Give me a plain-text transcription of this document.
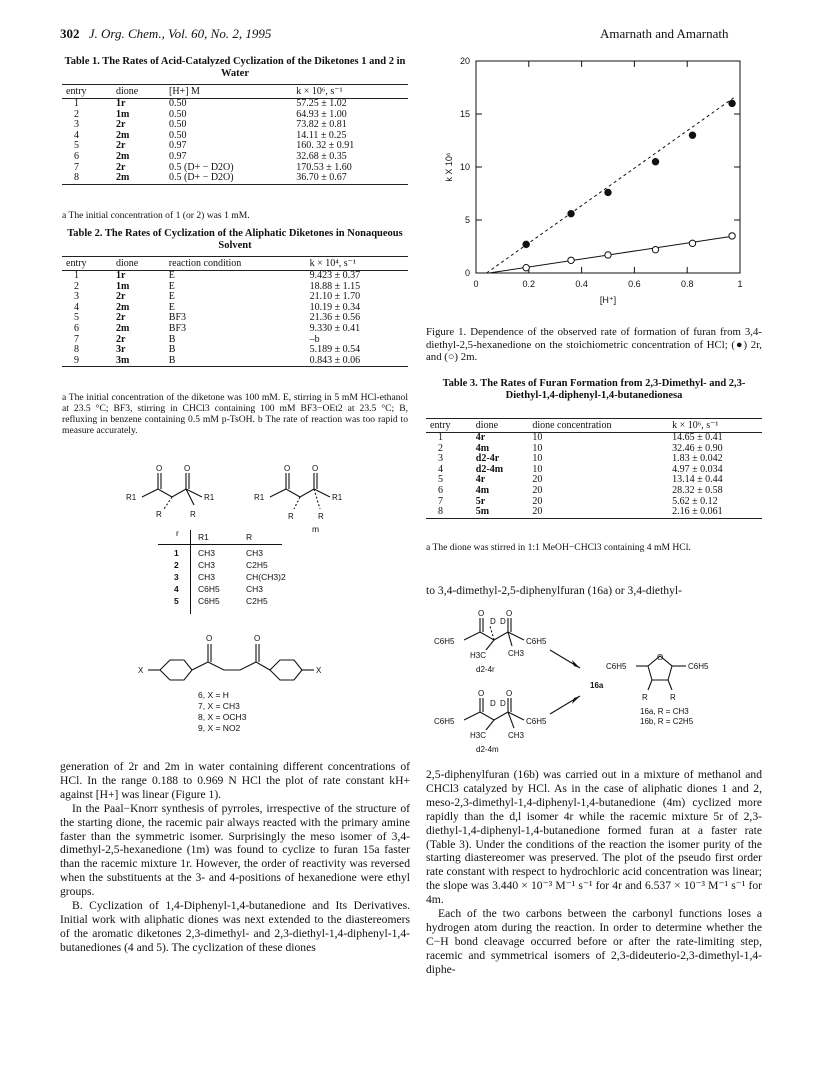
302 J. Org. Chem., Vol. 60, No. 2, 1995	Amarnath and Amarnath
Table 1. The Rates of Acid-Catalyzed Cyclization of the Diketones 1 and 2 in Water
entry	dione	[H+] M	k × 10⁶, s⁻¹
1	1r	0.50	57.25 ± 1.02
2	1m	0.50	64.93 ± 1.00
3	2r	0.50	73.82 ± 0.81
4	2m	0.50	14.11 ± 0.25
5	2r	0.97	160. 32 ± 0.91
6	2m	0.97	32.68 ± 0.35
7	2r	0.5 (D+ − D2O)	170.53 ± 1.60
8	2m	0.5 (D+ − D2O)	36.70 ± 0.67
a The initial concentration of 1 (or 2) was 1 mM.
Table 2. The Rates of Cyclization of the Aliphatic Diketones in Nonaqueous Solvent
entry	dione	reaction condition	k × 10⁴, s⁻¹
1	1r	E	9.423 ± 0.37
2	1m	E	18.88 ± 1.15
3	2r	E	21.10 ± 1.70
4	2m	E	10.19 ± 0.34
5	2r	BF3	21.36 ± 0.56
6	2m	BF3	9.330 ± 0.41
7	2r	B	–b
8	3r	B	5.189 ± 0.54
9	3m	B	0.843 ± 0.06
a The initial concentration of the diketone was 100 mM. E, stirring in 5 mM HCl-ethanol at 23.5 °C; BF3, stirring in CHCl3 containing 100 mM BF3−OEt2 at 23.5 °C; B, refluxing in benzene containing 0.5 mM p-TsOH. b The rate of reaction was too rapid to measure accurately.
O	O	O	O
R1	R1
R	R
R1	R1
R	R
r	m
R1	R
1 CH3	CH3
2 CH3	C2H5
3 CH3	CH(CH3)2
4 C6H5	CH3
5 C6H5	C2H5
O	O
X	X
6, X = H
7, X = CH3
8, X = OCH3
9, X = NO2

generation of 2r and 2m in water containing different concentrations of HCl. In the range 0.188 to 0.969 N HCl the plot of rate constant kH+ against [H+] was linear (Figure 1).

In the Paal−Knorr synthesis of pyrroles, irrespective of the structure of the starting dione, the racemic pair always reacted with the primary amine faster than the symmetric isomer. Surprisingly the meso isomer of 3,4-dimethyl-2,5-hexanedione (1m) was found to cyclize to furan 15a faster than the racemic mixture 1r. However, the order of reactivity was reversed when the substituents at the 3- and 4-positions of hexanedione were ethyl groups.

B. Cyclization of 1,4-Diphenyl-1,4-butanedione and Its Derivatives. Initial work with aliphatic diones was next extended to the diastereomers of the aromatic diketones 2,3-dimethyl- and 2,3-diethyl-1,4-diphenyl-1,4-butanediones (4 and 5). The cyclization of these diones

0	0.2	0.4	0.6	0.8	1
0
5
10
15
20
[H⁺]
k X 10⁶
Figure 1. Dependence of the observed rate of formation of furan from 3,4-diethyl-2,5-hexanedione on the stoichiometric concentration of HCl; (●) 2r, and (○) 2m.
Table 3. The Rates of Furan Formation from 2,3-Dimethyl- and 2,3-Diethyl-1,4-diphenyl-1,4-butanedionesa
entry	dione	dione concentration	k × 10⁶, s⁻¹
1	4r	10	14.65 ± 0.41
2	4m	10	32.46 ± 0.90
3	d2-4r	10	1.83 ± 0.042
4	d2-4m	10	4.97 ± 0.034
5	4r	20	13.14 ± 0.44
6	4m	20	28.32 ± 0.58
7	5r	20	5.62 ± 0.12
8	5m	20	2.16 ± 0.061
a The dione was stirred in 1:1 MeOH−CHCl3 containing 4 mM HCl.
to 3,4-dimethyl-2,5-diphenylfuran (16a) or 3,4-diethyl-
O	O
D D
C6H5	C6H5
H3C	CH3
d2-4r
O	O
D D
C6H5	C6H5
H3C	CH3
d2-4m
16a
O
C6H5	C6H5
R	R
16a, R = CH3
16b, R = C2H5

2,5-diphenylfuran (16b) was carried out in a mixture of methanol and CHCl3 catalyzed by HCl. As in the case of aliphatic diones 1 and 2, meso-2,3-dimethyl-1,4-diphenyl-1,4-butanedione (4m) cyclized more rapidly than the d,l isomer 4r while the racemic mixture 5r of 2,3-diethyl-1,4-diphenyl-1,4-butanedione formed furan at a faster rate (Table 3). Under the conditions of the reaction the isomer purity of the starting diastereomer was preserved. The plot of the pseudo first order rate constant with respect to hydrochloric acid concentration was linear; the slope was 3.440 × 10⁻³ M⁻¹ s⁻¹ for 4r and 6.537 × 10⁻³ M⁻¹ s⁻¹ for 4m.

Each of the two carbons between the carbonyl functions loses a hydrogen atom during the reaction. In order to determine whether the C−H bond cleavage occurred before or after the rate-limiting step, racemic and symmetrical isomers of 2,3-dideuterio-2,3-dimethyl-1,4-diphe-
